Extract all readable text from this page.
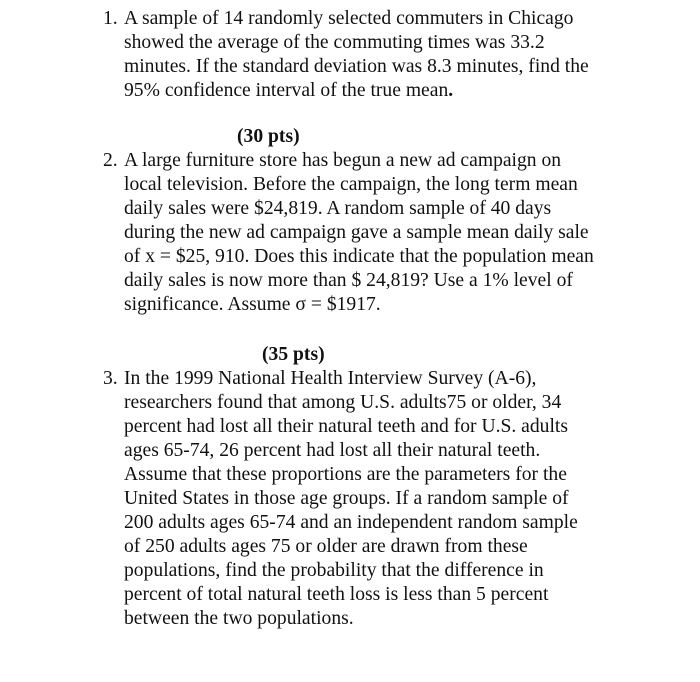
1. A sample of 14 randomly selected commuters in Chicago

showed the average of the commuting times was 33.2

minutes. If the standard deviation was 8.3 minutes, find the

95% confidence interval of the true mean.

(30 pts)
2. A large furniture store has begun a new ad campaign on

local television. Before the campaign, the long term mean

daily sales were $24,819. A random sample of 40 days

during the new ad campaign gave a sample mean daily sale

of x = $25, 910. Does this indicate that the population mean

daily sales is now more than $ 24,819? Use a 1% level of

significance. Assume σ = $1917.

(35 pts)
3. In the 1999 National Health Interview Survey (A-6),

researchers found that among U.S. adults75 or older, 34

percent had lost all their natural teeth and for U.S. adults

ages 65-74, 26 percent had lost all their natural teeth.

Assume that these proportions are the parameters for the

United States in those age groups. If a random sample of

200 adults ages 65-74 and an independent random sample

of 250 adults ages 75 or older are drawn from these

populations, find the probability that the difference in

percent of total natural teeth loss is less than 5 percent

between the two populations.
